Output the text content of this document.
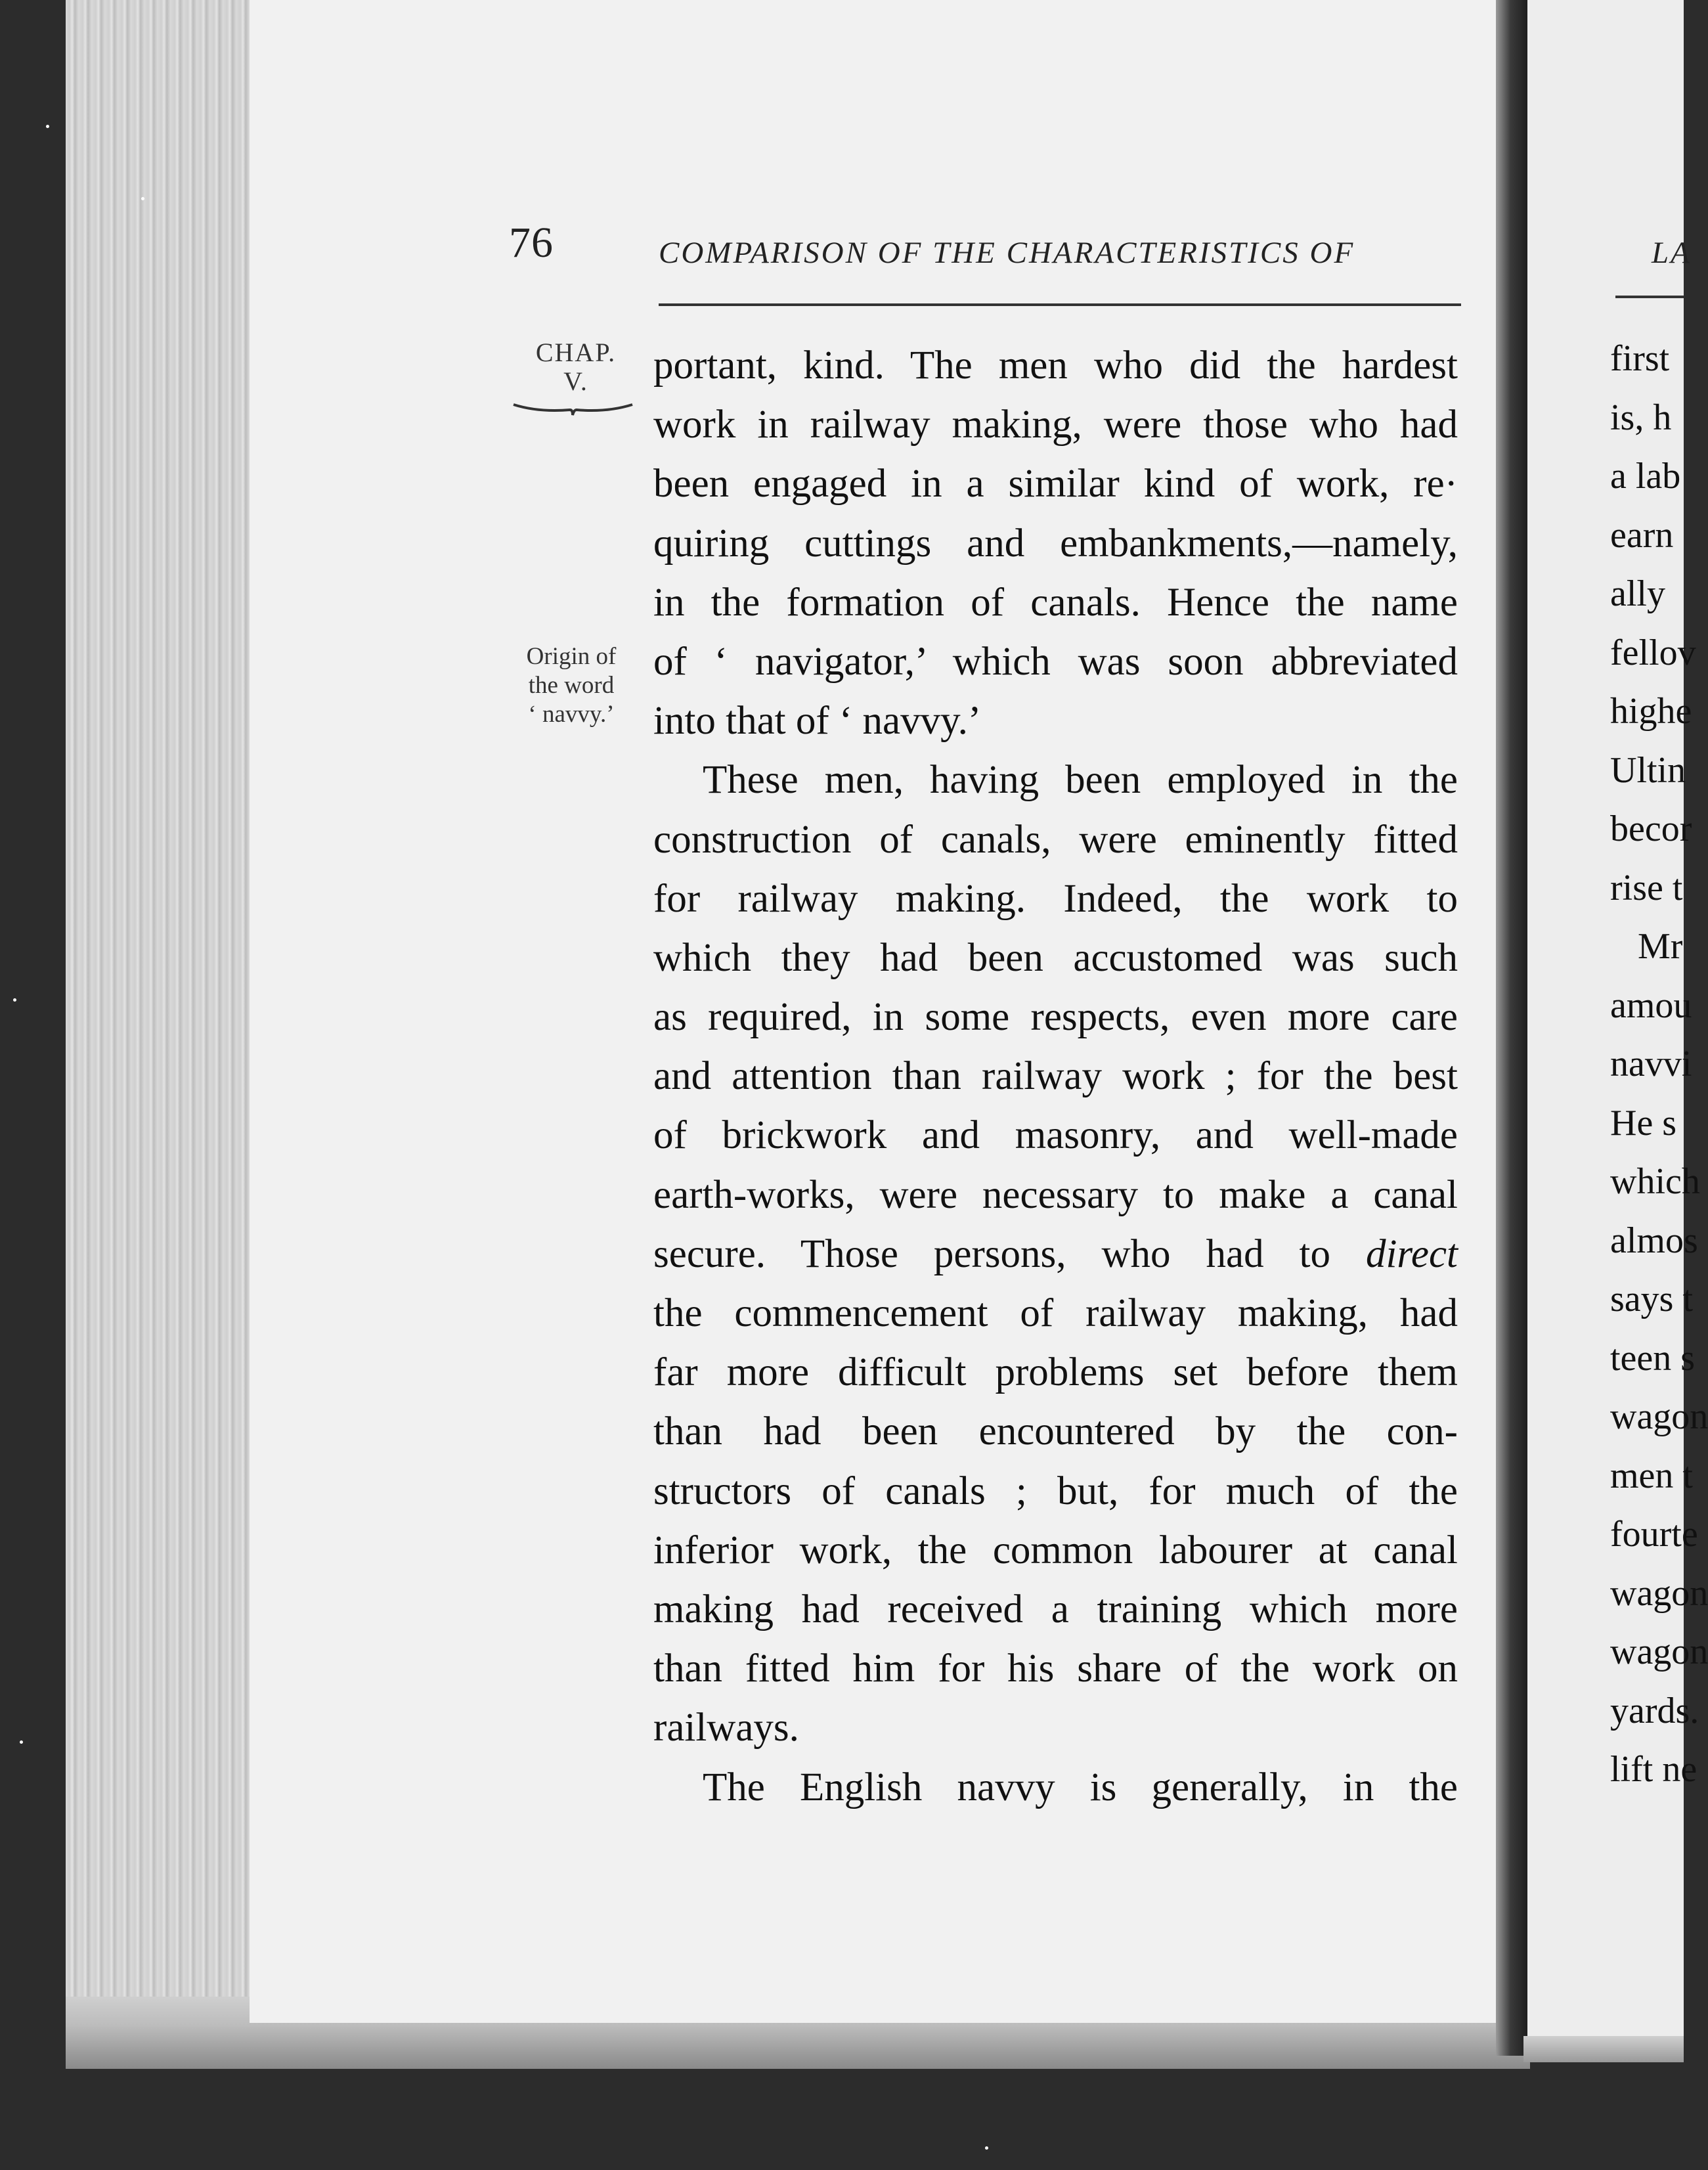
76	COMPARISON OF THE CHARACTERISTICS OF	LA
CHAP.
V.
Origin of
the word
‘ navvy.’
portant, kind. The men who did the hardest
work in railway making, were those who had
been engaged in a similar kind of work, re·
quiring cuttings and embankments,—namely,
in the formation of canals. Hence the name
of ‘ navigator,’ which was soon abbreviated
into that of ‘ navvy.’
These men, having been employed in the
construction of canals, were eminently fitted
for railway making. Indeed, the work to
which they had been accustomed was such
as required, in some respects, even more care
and attention than railway work ; for the best
of brickwork and masonry, and well-made
earth-works, were necessary to make a canal
secure. Those persons, who had to direct
the commencement of railway making, had
far more difficult problems set before them
than had been encountered by the con-
structors of canals ; but, for much of the
inferior work, the common labourer at canal
making had received a training which more
than fitted him for his share of the work on
railways.
The English navvy is generally, in the
first
is, h
a lab
earn
ally
fellov
highe
Ultin
becor
rise t
Mr
amou
navvi
He s
which
almos
says t
teen s
wagon
men t
fourte
wagon
wagon
yards.
lift ne
